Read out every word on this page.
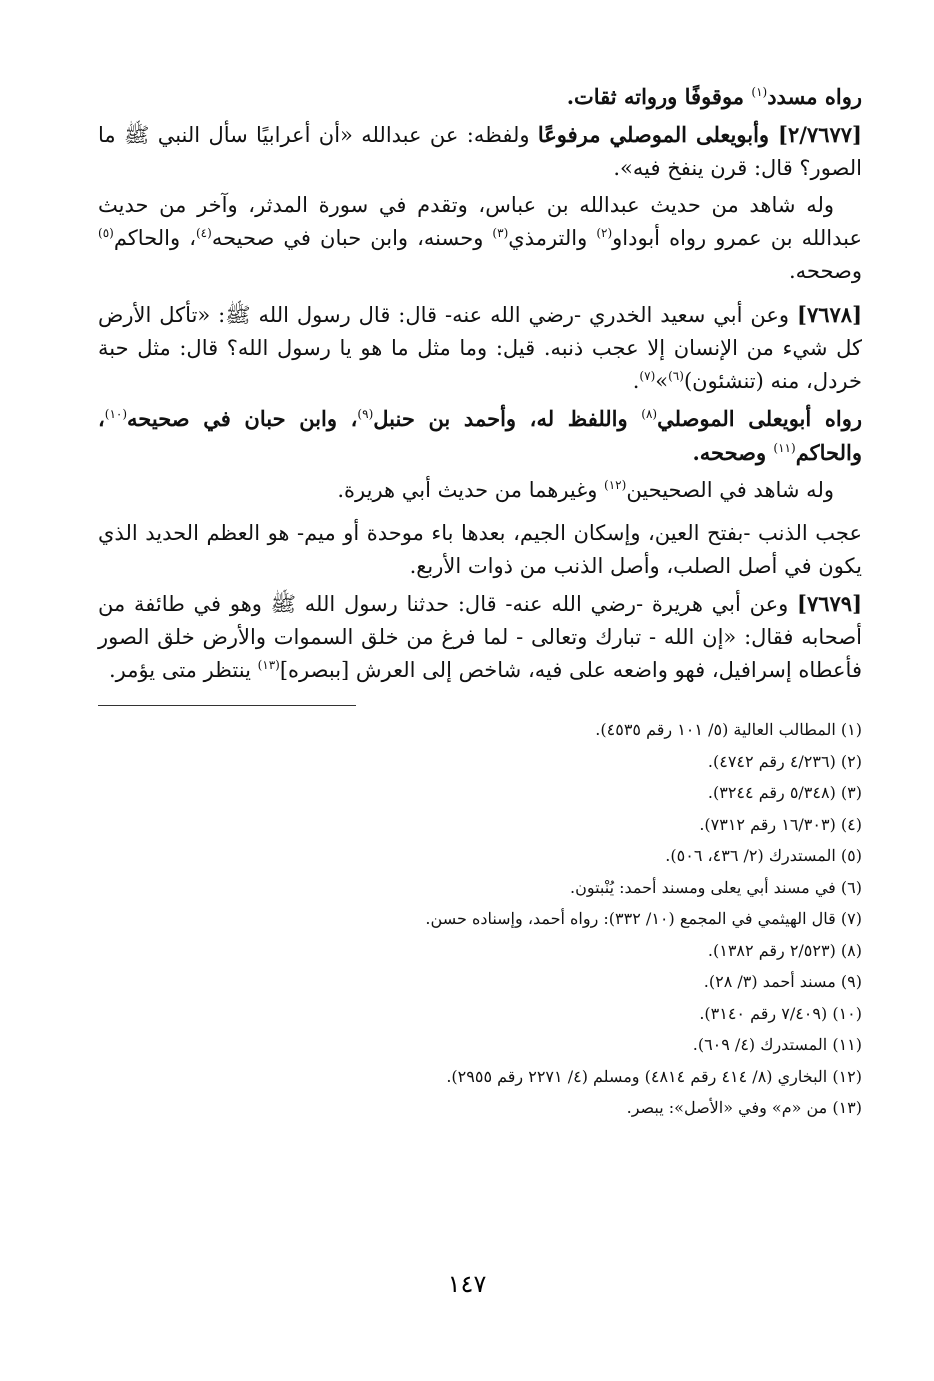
رواه مسدد$^{(١)}$ موقوفًا ورواته ثقات.

[٢/٧٦٧٧] وأبويعلى الموصلي مرفوعًا ولفظه: عن عبدالله «أن أعرابيًا سأل النبي ﷺ ما الصور؟ قال: قرن ينفخ فيه».

وله شاهد من حديث عبدالله بن عباس، وتقدم في سورة المدثر، وآخر من حديث عبدالله بن عمرو رواه أبوداو$^{(٢)}$ والترمذي$^{(٣)}$ وحسنه، وابن حبان في صحيحه$^{(٤)}$، والحاكم$^{(٥)}$ وصححه.

[٧٦٧٨] وعن أبي سعيد الخدري -رضي الله عنه- قال: قال رسول الله ﷺ: «تأكل الأرض كل شيء من الإنسان إلا عجب ذنبه. قيل: وما مثل ما هو يا رسول الله؟ قال: مثل حبة خردل، منه (تنشئون)$^{(٦)}$»$^{(٧)}$.

رواه أبويعلى الموصلي$^{(٨)}$ واللفظ له، وأحمد بن حنبل$^{(٩)}$، وابن حبان في صحيحه$^{(١٠)}$، والحاكم$^{(١١)}$ وصححه.

وله شاهد في الصحيحين$^{(١٢)}$ وغيرهما من حديث أبي هريرة.

عجب الذنب -بفتح العين، وإسكان الجيم، بعدها باء موحدة أو ميم- هو العظم الحديد الذي يكون في أصل الصلب، وأصل الذنب من ذوات الأربع.

[٧٦٧٩] وعن أبي هريرة -رضي الله عنه- قال: حدثنا رسول الله ﷺ وهو في طائفة من أصحابه فقال: «إن الله - تبارك وتعالى - لما فرغ من خلق السموات والأرض خلق الصور فأعطاه إسرافيل، فهو واضعه على فيه، شاخص إلى العرش [ببصره]$^{(١٣)}$ ينتظر متى يؤمر.

(١) المطالب العالية (٥/ ١٠١ رقم ٤٥٣٥).
(٢) (٤/٢٣٦ رقم ٤٧٤٢).
(٣) (٥/٣٤٨ رقم ٣٢٤٤).
(٤) (١٦/٣٠٣ رقم ٧٣١٢).
(٥) المستدرك (٢/ ٤٣٦، ٥٠٦).
(٦) في مسند أبي يعلى ومسند أحمد: يُنْبتون.
(٧) قال الهيثمي في المجمع (١٠/ ٣٣٢): رواه أحمد، وإسناده حسن.
(٨) (٢/٥٢٣ رقم ١٣٨٢).
(٩) مسند أحمد (٣/ ٢٨).
(١٠) (٧/٤٠٩ رقم ٣١٤٠).
(١١) المستدرك (٤/ ٦٠٩).
(١٢) البخاري (٨/ ٤١٤ رقم ٤٨١٤) ومسلم (٤/ ٢٢٧١ رقم ٢٩٥٥).
(١٣) من «م» وفي «الأصل»: يبصر.
١٤٧
